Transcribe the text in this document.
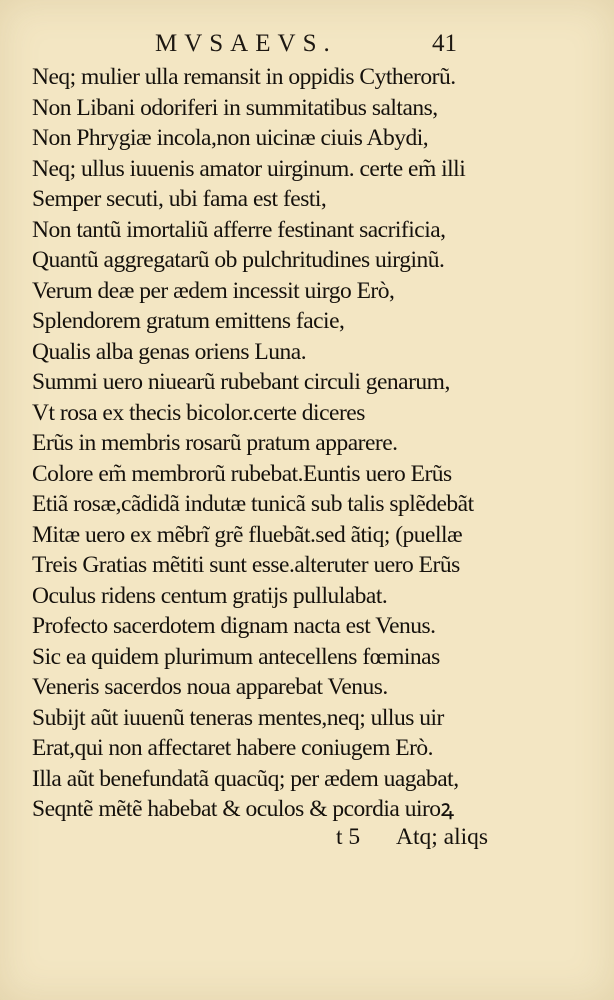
MVSAEVS.	41
Neq; mulier ulla remansit in oppidis Cytherorũ.
Non Libani odoriferi in summitatibus saltans,
Non Phrygiæ incola,non uicinæ ciuis Abydi,
Neq; ullus iuuenis amator uirginum. certe em̃ illi
Semper secuti, ubi fama est festi,
Non tantũ imortaliũ afferre festinant sacrificia,
Quantũ aggregatarũ ob pulchritudines uirginũ.
Verum deæ per ædem incessit uirgo Erò,
Splendorem gratum emittens facie,
Qualis alba genas oriens Luna.
Summi uero niuearũ rubebant circuli genarum,
Vt rosa ex thecis bicolor.certe diceres
Erũs in membris rosarũ pratum apparere.
Colore em̃ membrorũ rubebat.Euntis uero Erũs
Etiã rosæ,cãdidã indutæ tunicã sub talis splẽdebãt
Mitæ uero ex mẽbrĩ grẽ fluebãt.sed ãtiq; (puellæ
Treis Gratias mẽtiti sunt esse.alteruter uero Erũs
Oculus ridens centum gratijs pullulabat.
Profecto sacerdotem dignam nacta est Venus.
Sic ea quidem plurimum antecellens fœminas
Veneris sacerdos noua apparebat Venus.
Subijt aũt iuuenũ teneras mentes,neq; ullus uir
Erat,qui non affectaret habere coniugem Erò.
Illa aũt benefundatã quacũq; per ædem uagabat,
Seqntẽ mẽtẽ habebat & oculos & pcordia uiroꝝ
t 5 Atq; aliqs
